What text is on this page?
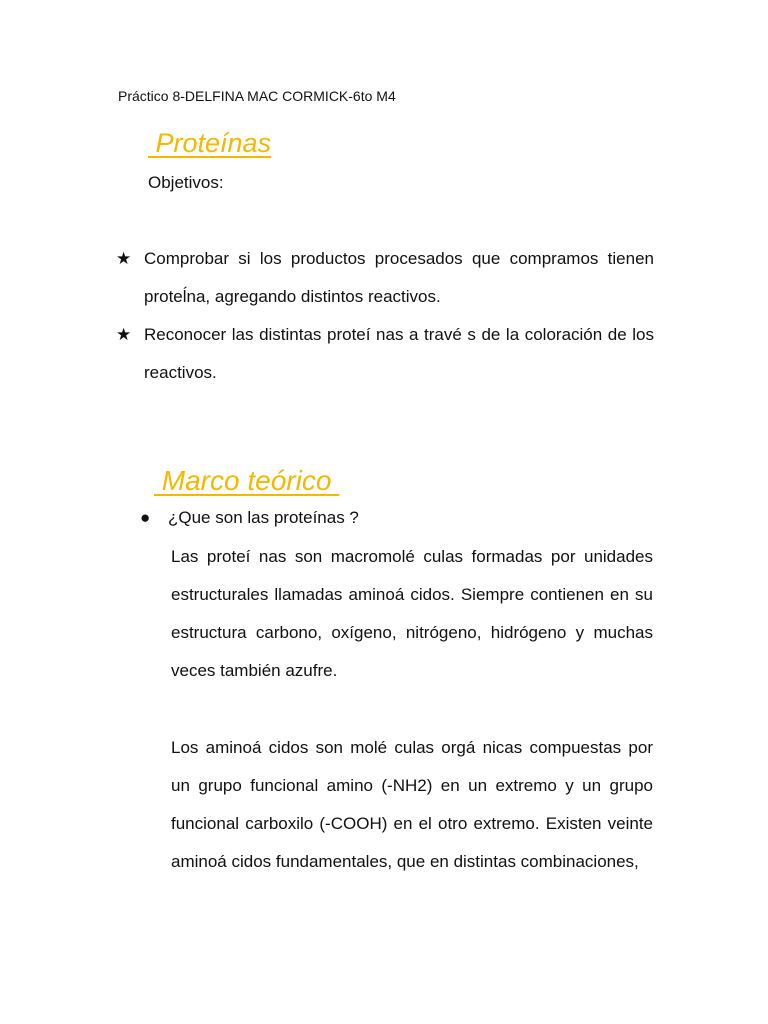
Práctico 8-DELFINA MAC CORMICK-6to M4
Proteínas
Objetivos:
★ Comprobar si los productos procesados que compramos tienen proteĺna, agregando distintos reactivos.
★ Reconocer las distintas proteí nas a travé s de la coloración de los reactivos.
Marco teórico
● ¿Que son las proteínas ?

Las proteí nas son macromolé culas formadas por unidades estructurales llamadas aminoá cidos. Siempre contienen en su estructura carbono, oxígeno, nitrógeno, hidrógeno y muchas veces también azufre.

Los aminoá cidos son molé culas orgá nicas compuestas por un grupo funcional amino (-NH2) en un extremo y un grupo funcional carboxilo (-COOH) en el otro extremo. Existen veinte aminoá cidos fundamentales, que en distintas combinaciones,
